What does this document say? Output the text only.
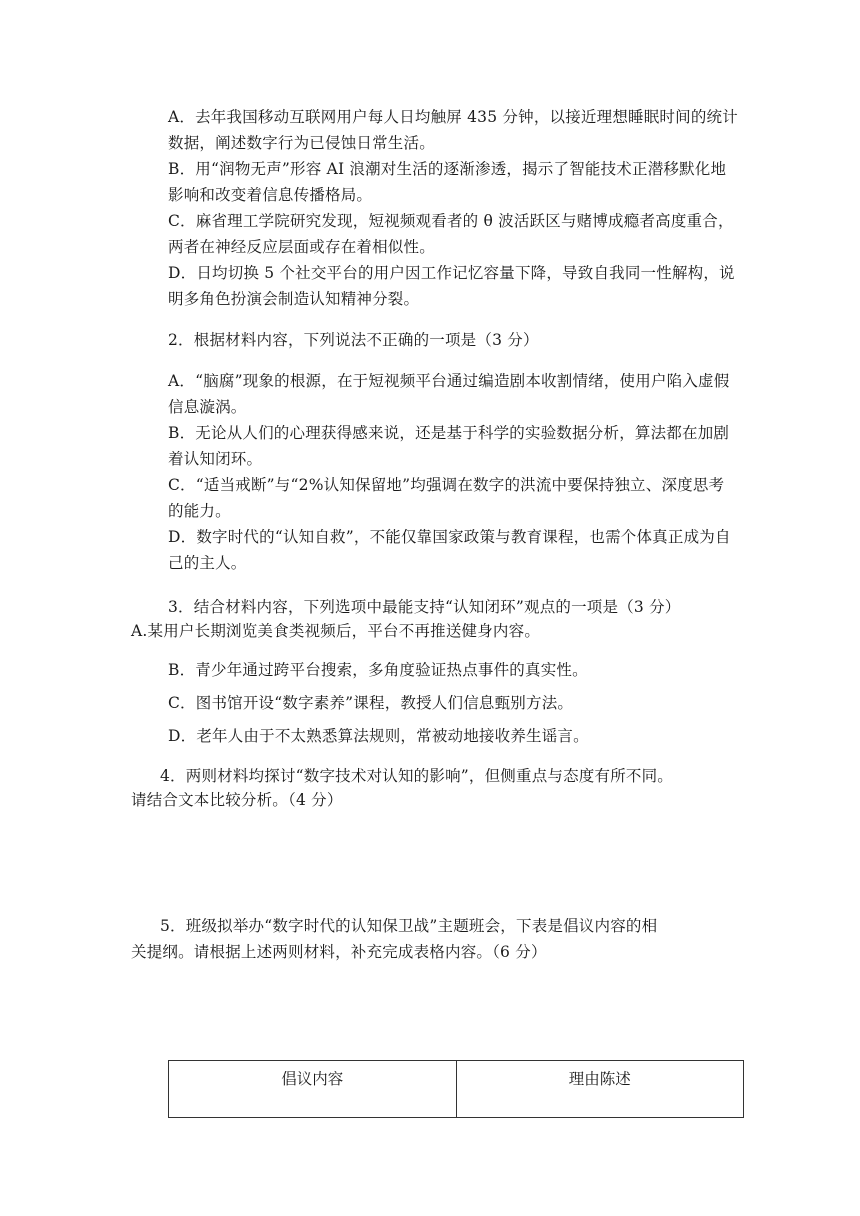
A．去年我国移动互联网用户每人日均触屏 435 分钟，以接近理想睡眠时间的统计数据，阐述数字行为已侵蚀日常生活。
B．用“润物无声”形容 AI 浪潮对生活的逐渐渗透，揭示了智能技术正潜移默化地影响和改变着信息传播格局。
C．麻省理工学院研究发现，短视频观看者的 θ 波活跃区与赌博成瘾者高度重合，两者在神经反应层面或存在着相似性。
D．日均切换 5 个社交平台的用户因工作记忆容量下降，导致自我同一性解构，说明多角色扮演会制造认知精神分裂。
2．根据材料内容，下列说法不正确的一项是（3 分）
A．“脑腐”现象的根源，在于短视频平台通过编造剧本收割情绪，使用户陷入虚假信息漩涡。
B．无论从人们的心理获得感来说，还是基于科学的实验数据分析，算法都在加剧着认知闭环。
C．“适当戒断”与“2%认知保留地”均强调在数字的洪流中要保持独立、深度思考的能力。
D．数字时代的“认知自救”，不能仅靠国家政策与教育课程，也需个体真正成为自己的主人。
3．结合材料内容，下列选项中最能支持“认知闭环”观点的一项是（3 分）
A.某用户长期浏览美食类视频后，平台不再推送健身内容。
B．青少年通过跨平台搜索，多角度验证热点事件的真实性。
C．图书馆开设“数字素养”课程，教授人们信息甄别方法。
D．老年人由于不太熟悉算法规则，常被动地接收养生谣言。
4．两则材料均探讨“数字技术对认知的影响”，但侧重点与态度有所不同。
请结合文本比较分析。（4 分）
5．班级拟举办“数字时代的认知保卫战”主题班会，下表是倡议内容的相
关提纲。请根据上述两则材料，补充完成表格内容。（6 分）
倡议内容	理由陈述
